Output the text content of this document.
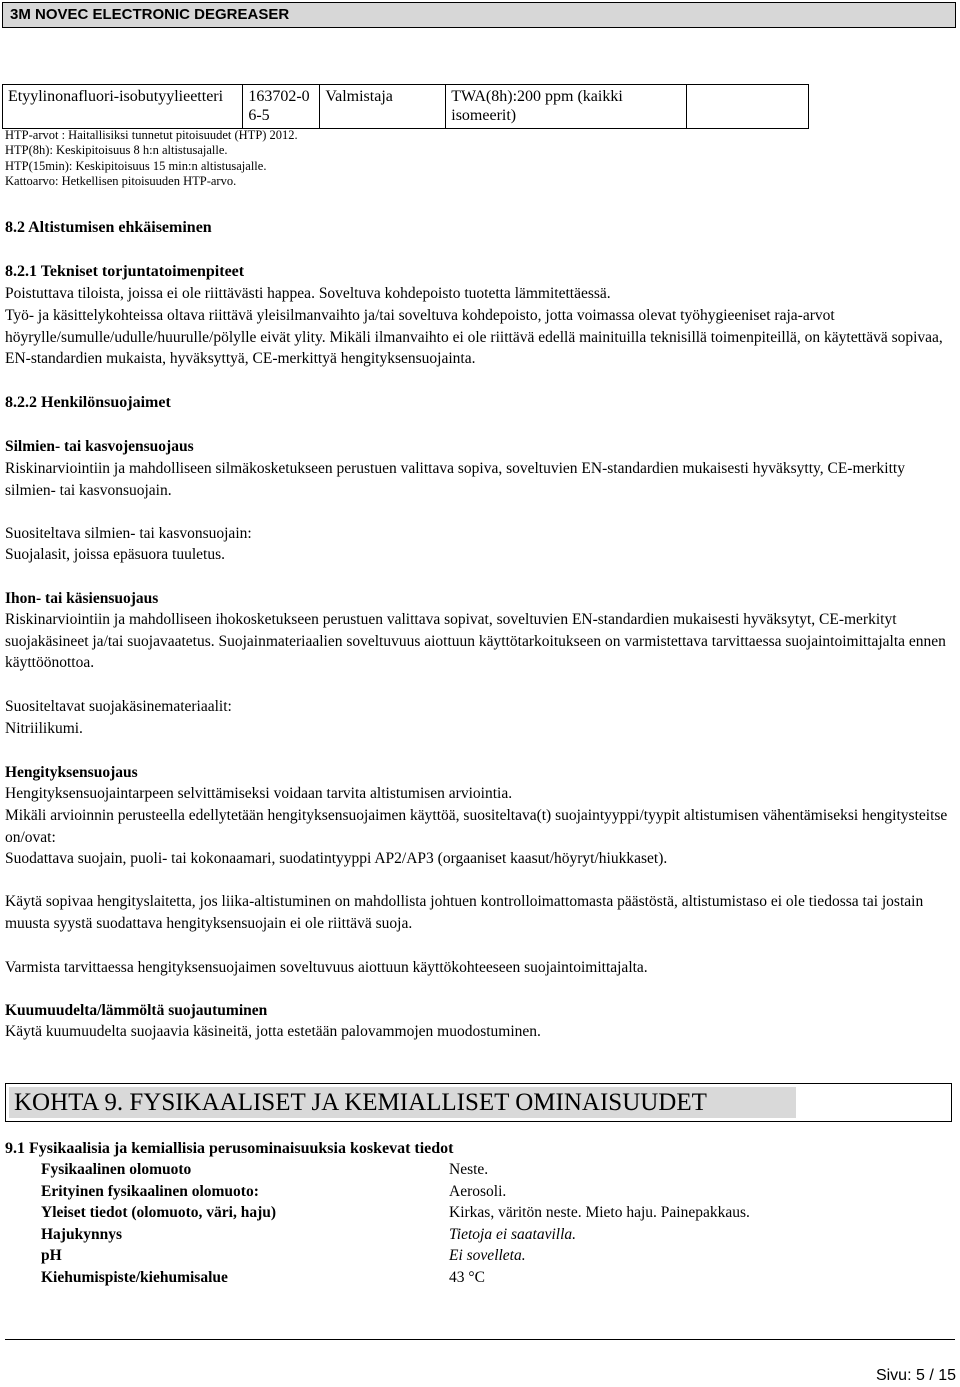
3M NOVEC ELECTRONIC DEGREASER
Etyylinonafluori-isobutyylieetteri	163702-06-5	Valmistaja	TWA(8h):200 ppm (kaikki isomeerit)	
HTP-arvot : Haitallisiksi tunnetut pitoisuudet (HTP) 2012.
HTP(8h): Keskipitoisuus 8 h:n altistusajalle.
HTP(15min): Keskipitoisuus 15 min:n altistusajalle.
Kattoarvo: Hetkellisen pitoisuuden HTP-arvo.
8.2 Altistumisen ehkäiseminen
8.2.1 Tekniset torjuntatoimenpiteet
Poistuttava tiloista, joissa ei ole riittävästi happea. Soveltuva kohdepoisto tuotetta lämmitettäessä.
Työ- ja käsittelykohteissa oltava riittävä yleisilmanvaihto ja/tai soveltuva kohdepoisto, jotta voimassa olevat työhygieeniset raja-arvot höyrylle/sumulle/udulle/huurulle/pölylle eivät ylity. Mikäli ilmanvaihto ei ole riittävä edellä mainituilla teknisillä toimenpiteillä, on käytettävä sopivaa, EN-standardien mukaista, hyväksyttyä, CE-merkittyä hengityksensuojainta.
8.2.2 Henkilönsuojaimet
Silmien- tai kasvojensuojaus
Riskinarviointiin ja mahdolliseen silmäkosketukseen perustuen valittava sopiva, soveltuvien EN-standardien mukaisesti hyväksytty, CE-merkitty silmien- tai kasvonsuojain.
Suositeltava silmien- tai kasvonsuojain:
Suojalasit, joissa epäsuora tuuletus.
Ihon- tai käsiensuojaus
Riskinarviointiin ja mahdolliseen ihokosketukseen perustuen valittava sopivat, soveltuvien EN-standardien mukaisesti hyväksytyt, CE-merkityt suojakäsineet ja/tai suojavaatetus. Suojainmateriaalien soveltuvuus aiottuun käyttötarkoitukseen on varmistettava tarvittaessa suojaintoimittajalta ennen käyttöönottoa.
Suositeltavat suojakäsinemateriaalit:
Nitriilikumi.
Hengityksensuojaus
Hengityksensuojaintarpeen selvittämiseksi voidaan tarvita altistumisen arviointia.
Mikäli arvioinnin perusteella edellytetään hengityksensuojaimen käyttöä, suositeltava(t) suojaintyyppi/tyypit altistumisen vähentämiseksi hengitysteitse on/ovat:
Suodattava suojain, puoli- tai kokonaamari, suodatintyyppi AP2/AP3 (orgaaniset kaasut/höyryt/hiukkaset).
Käytä sopivaa hengityslaitetta, jos liika-altistuminen on mahdollista johtuen kontrolloimattomasta päästöstä, altistumistaso ei ole tiedossa tai jostain muusta syystä suodattava hengityksensuojain ei ole riittävä suoja.
Varmista tarvittaessa hengityksensuojaimen soveltuvuus aiottuun käyttökohteeseen suojaintoimittajalta.
Kuumuudelta/lämmöltä suojautuminen
Käytä kuumuudelta suojaavia käsineitä, jotta estetään palovammojen muodostuminen.
KOHTA 9. FYSIKAALISET JA KEMIALLISET OMINAISUUDET
9.1 Fysikaalisia ja kemiallisia perusominaisuuksia koskevat tiedot
Fysikaalinen olomuoto	Neste.
Erityinen fysikaalinen olomuoto:	Aerosoli.
Yleiset tiedot (olomuoto, väri, haju)	Kirkas, väritön neste. Mieto haju. Painepakkaus.
Hajukynnys	Tietoja ei saatavilla.
pH	Ei sovelleta.
Kiehumispiste/kiehumisalue	43 °C
Sivu: 5 / 15
